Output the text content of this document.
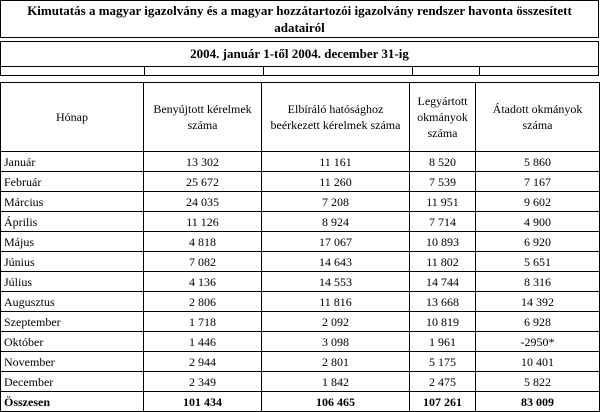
Kimutatás a magyar igazolvány és a magyar hozzátartozói igazolvány rendszer havonta összesített adatairól
2004. január 1-től 2004. december 31-ig
Hónap	Benyújtott kérelmek száma	Elbíráló hatósághoz beérkezett kérelmek száma	Legyártott okmányok száma	Átadott okmányok száma
Január	13 302	11 161	8 520	5 860
Február	25 672	11 260	7 539	7 167
Március	24 035	7 208	11 951	9 602
Április	11 126	8 924	7 714	4 900
Május	4 818	17 067	10 893	6 920
Június	7 082	14 643	11 802	5 651
Július	4 136	14 553	14 744	8 316
Augusztus	2 806	11 816	13 668	14 392
Szeptember	1 718	2 092	10 819	6 928
Október	1 446	3 098	1 961	-2950*
November	2 944	2 801	5 175	10 401
December	2 349	1 842	2 475	5 822
Összesen	101 434	106 465	107 261	83 009
